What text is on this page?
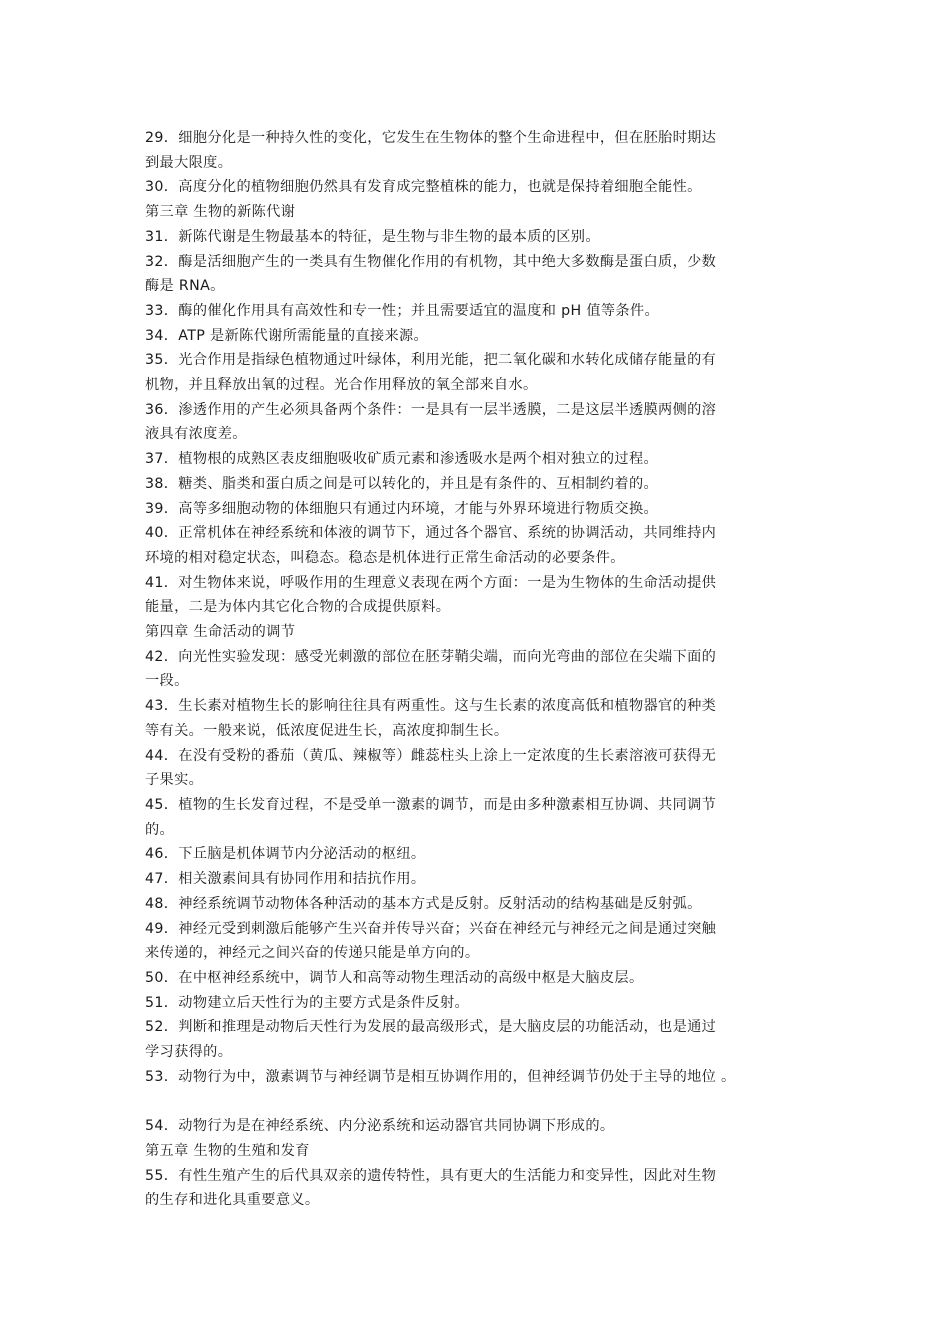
29．细胞分化是一种持久性的变化，它发生在生物体的整个生命进程中，但在胚胎时期达
到最大限度。
30．高度分化的植物细胞仍然具有发育成完整植株的能力，也就是保持着细胞全能性。
第三章 生物的新陈代谢
31．新陈代谢是生物最基本的特征，是生物与非生物的最本质的区别。
32．酶是活细胞产生的一类具有生物催化作用的有机物，其中绝大多数酶是蛋白质，少数
酶是 RNA。
33．酶的催化作用具有高效性和专一性；并且需要适宜的温度和 pH 值等条件。
34．ATP 是新陈代谢所需能量的直接来源。
35．光合作用是指绿色植物通过叶绿体，利用光能，把二氧化碳和水转化成储存能量的有
机物，并且释放出氧的过程。光合作用释放的氧全部来自水。
36．渗透作用的产生必须具备两个条件：一是具有一层半透膜，二是这层半透膜两侧的溶
液具有浓度差。
37．植物根的成熟区表皮细胞吸收矿质元素和渗透吸水是两个相对独立的过程。
38．糖类、脂类和蛋白质之间是可以转化的，并且是有条件的、互相制约着的。
39．高等多细胞动物的体细胞只有通过内环境，才能与外界环境进行物质交换。
40．正常机体在神经系统和体液的调节下，通过各个器官、系统的协调活动，共同维持内
环境的相对稳定状态，叫稳态。稳态是机体进行正常生命活动的必要条件。
41．对生物体来说，呼吸作用的生理意义表现在两个方面：一是为生物体的生命活动提供
能量，二是为体内其它化合物的合成提供原料。
第四章 生命活动的调节
42．向光性实验发现：感受光刺激的部位在胚芽鞘尖端，而向光弯曲的部位在尖端下面的
一段。
43．生长素对植物生长的影响往往具有两重性。这与生长素的浓度高低和植物器官的种类
等有关。一般来说，低浓度促进生长，高浓度抑制生长。
44．在没有受粉的番茄（黄瓜、辣椒等）雌蕊柱头上涂上一定浓度的生长素溶液可获得无
子果实。
45．植物的生长发育过程，不是受单一激素的调节，而是由多种激素相互协调、共同调节
的。
46．下丘脑是机体调节内分泌活动的枢纽。
47．相关激素间具有协同作用和拮抗作用。
48．神经系统调节动物体各种活动的基本方式是反射。反射活动的结构基础是反射弧。
49．神经元受到刺激后能够产生兴奋并传导兴奋；兴奋在神经元与神经元之间是通过突触
来传递的，神经元之间兴奋的传递只能是单方向的。
50．在中枢神经系统中，调节人和高等动物生理活动的高级中枢是大脑皮层。
51．动物建立后天性行为的主要方式是条件反射。
52．判断和推理是动物后天性行为发展的最高级形式，是大脑皮层的功能活动，也是通过
学习获得的。
53．动物行为中，激素调节与神经调节是相互协调作用的，但神经调节仍处于主导的地位 。
54．动物行为是在神经系统、内分泌系统和运动器官共同协调下形成的。
第五章 生物的生殖和发育
55．有性生殖产生的后代具双亲的遗传特性，具有更大的生活能力和变异性，因此对生物
的生存和进化具重要意义。
